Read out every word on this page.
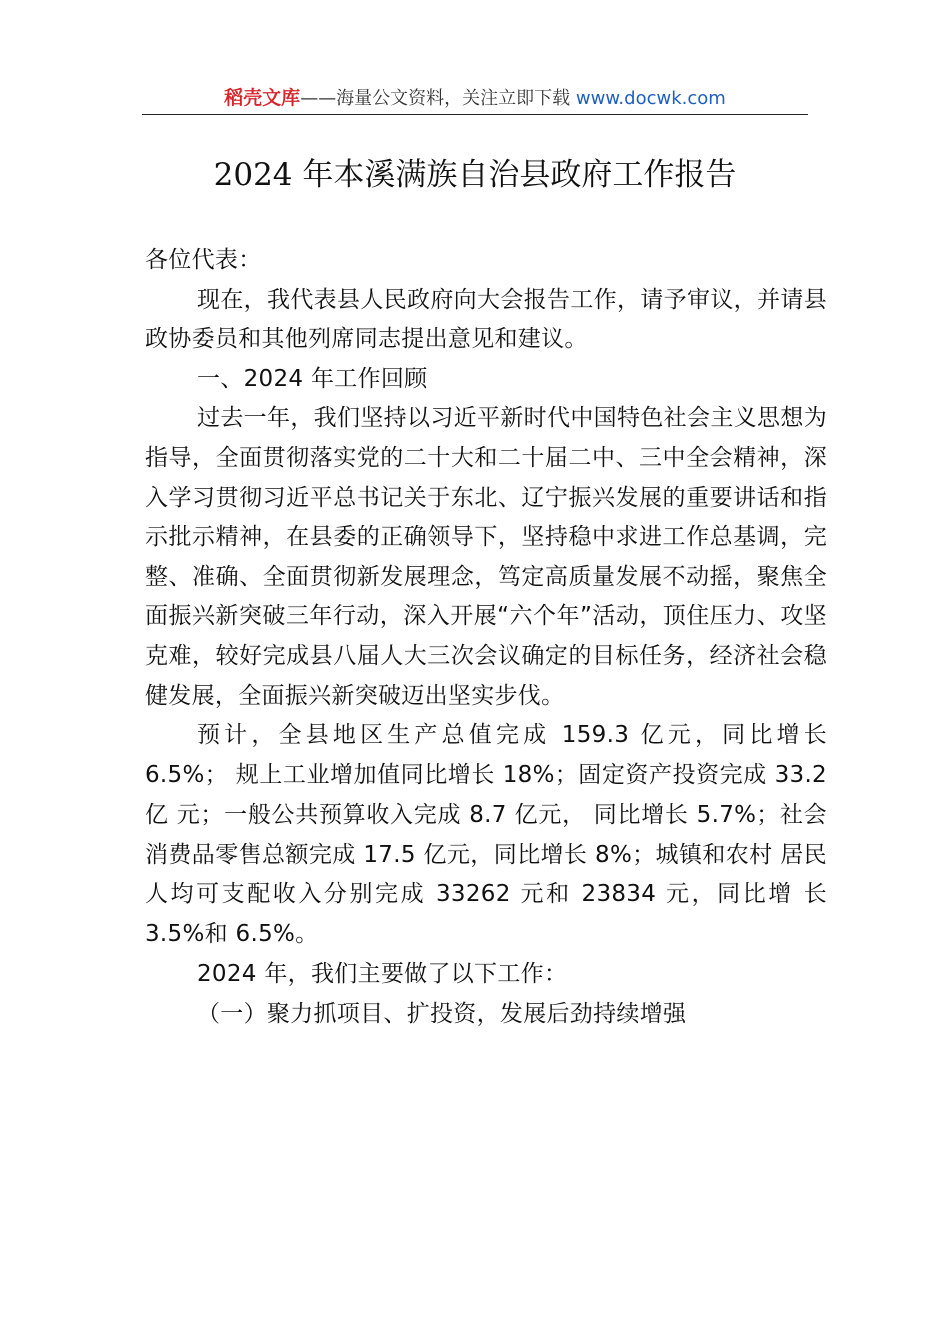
稻壳文库——海量公文资料，关注立即下载 www.docwk.com
2024 年本溪满族自治县政府工作报告

各位代表：

现在，我代表县人民政府向大会报告工作，请予审议，并请县政协委员和其他列席同志提出意见和建议。

一、2024 年工作回顾

过去一年，我们坚持以习近平新时代中国特色社会主义思想为指导，全面贯彻落实党的二十大和二十届二中、三中全会精神，深入学习贯彻习近平总书记关于东北、辽宁振兴发展的重要讲话和指示批示精神，在县委的正确领导下，坚持稳中求进工作总基调，完整、准确、全面贯彻新发展理念，笃定高质量发展不动摇，聚焦全面振兴新突破三年行动，深入开展“六个年”活动，顶住压力、攻坚克难，较好完成县八届人大三次会议确定的目标任务，经济社会稳健发展，全面振兴新突破迈出坚实步伐。

预计，全县地区生产总值完成 159.3 亿元，同比增长 6.5%； 规上工业增加值同比增长 18%；固定资产投资完成 33.2 亿 元；一般公共预算收入完成 8.7 亿元， 同比增长 5.7%；社会 消费品零售总额完成 17.5 亿元，同比增长 8%；城镇和农村 居民人均可支配收入分别完成 33262 元和 23834 元，同比增 长 3.5%和 6.5%。

2024 年，我们主要做了以下工作：

（一）聚力抓项目、扩投资，发展后劲持续增强
